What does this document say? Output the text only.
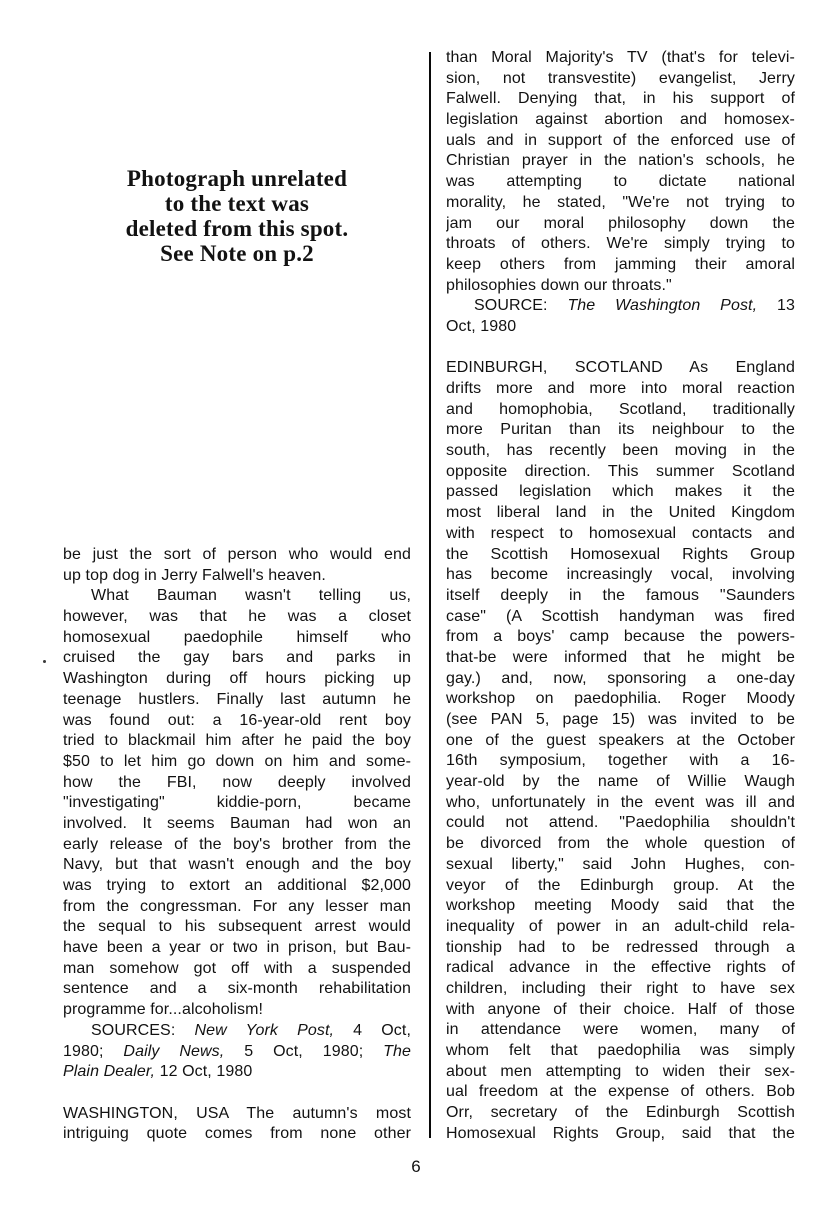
Photograph unrelated
to the text was
deleted from this spot.
See Note on p.2
be just the sort of person who would end
up top dog in Jerry Falwell's heaven.
What Bauman wasn't telling us,
however, was that he was a closet
homosexual paedophile himself who
cruised the gay bars and parks in
Washington during off hours picking up
teenage hustlers. Finally last autumn he
was found out: a 16-year-old rent boy
tried to blackmail him after he paid the boy
$50 to let him go down on him and some-
how the FBI, now deeply involved
"investigating" kiddie-porn, became
involved. It seems Bauman had won an
early release of the boy's brother from the
Navy, but that wasn't enough and the boy
was trying to extort an additional $2,000
from the congressman. For any lesser man
the sequal to his subsequent arrest would
have been a year or two in prison, but Bau-
man somehow got off with a suspended
sentence and a six-month rehabilitation
programme for...alcoholism!
SOURCES: New York Post, 4 Oct,
1980; Daily News, 5 Oct, 1980; The
Plain Dealer, 12 Oct, 1980

WASHINGTON, USA The autumn's most
intriguing quote comes from none other
than Moral Majority's TV (that's for televi-
sion, not transvestite) evangelist, Jerry
Falwell. Denying that, in his support of
legislation against abortion and homosex-
uals and in support of the enforced use of
Christian prayer in the nation's schools, he
was attempting to dictate national
morality, he stated, "We're not trying to
jam our moral philosophy down the
throats of others. We're simply trying to
keep others from jamming their amoral
philosophies down our throats."
SOURCE: The Washington Post, 13
Oct, 1980

EDINBURGH, SCOTLAND As England
drifts more and more into moral reaction
and homophobia, Scotland, traditionally
more Puritan than its neighbour to the
south, has recently been moving in the
opposite direction. This summer Scotland
passed legislation which makes it the
most liberal land in the United Kingdom
with respect to homosexual contacts and
the Scottish Homosexual Rights Group
has become increasingly vocal, involving
itself deeply in the famous "Saunders
case" (A Scottish handyman was fired
from a boys' camp because the powers-
that-be were informed that he might be
gay.) and, now, sponsoring a one-day
workshop on paedophilia. Roger Moody
(see PAN 5, page 15) was invited to be
one of the guest speakers at the October
16th symposium, together with a 16-
year-old by the name of Willie Waugh
who, unfortunately in the event was ill and
could not attend. "Paedophilia shouldn't
be divorced from the whole question of
sexual liberty," said John Hughes, con-
veyor of the Edinburgh group. At the
workshop meeting Moody said that the
inequality of power in an adult-child rela-
tionship had to be redressed through a
radical advance in the effective rights of
children, including their right to have sex
with anyone of their choice. Half of those
in attendance were women, many of
whom felt that paedophilia was simply
about men attempting to widen their sex-
ual freedom at the expense of others. Bob
Orr, secretary of the Edinburgh Scottish
Homosexual Rights Group, said that the
6
